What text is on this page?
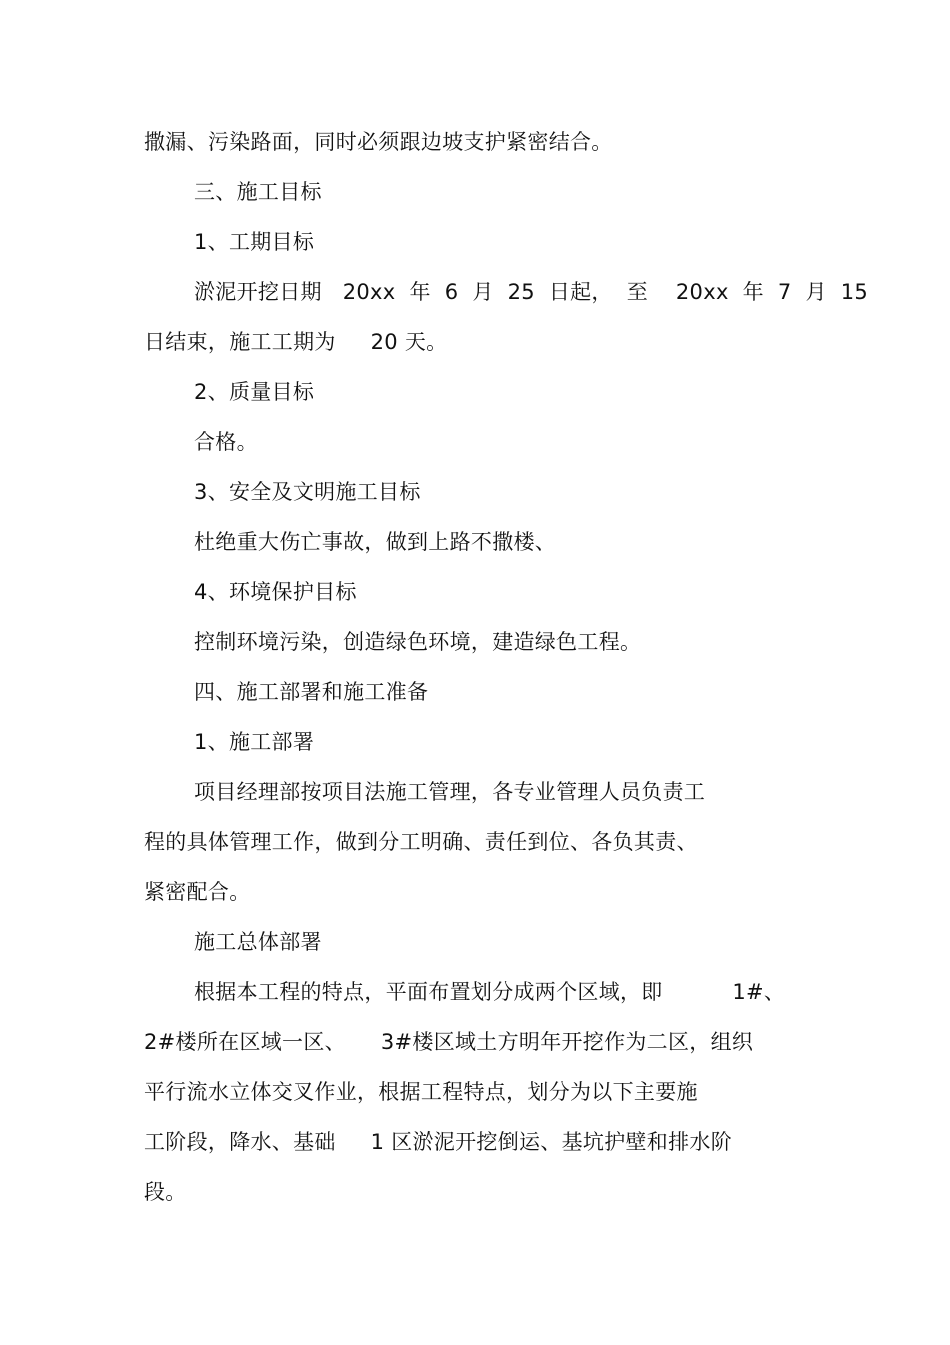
撒漏、污染路面，同时必须跟边坡支护紧密结合。
三、施工目标
1、工期目标
淤泥开挖日期   20xx  年  6  月  25  日起，  至    20xx  年  7  月  15
日结束，施工工期为     20 天。
2、质量目标
合格。
3、安全及文明施工目标
杜绝重大伤亡事故，做到上路不撒楼、
4、环境保护目标
控制环境污染，创造绿色环境，建造绿色工程。
四、施工部署和施工准备
1、施工部署
项目经理部按项目法施工管理，各专业管理人员负责工
程的具体管理工作，做到分工明确、责任到位、各负其责、
紧密配合。
施工总体部署
根据本工程的特点，平面布置划分成两个区域，即          1#、
2#楼所在区域一区、     3#楼区域土方明年开挖作为二区，组织
平行流水立体交叉作业，根据工程特点，划分为以下主要施
工阶段，降水、基础     1 区淤泥开挖倒运、基坑护壁和排水阶
段。
